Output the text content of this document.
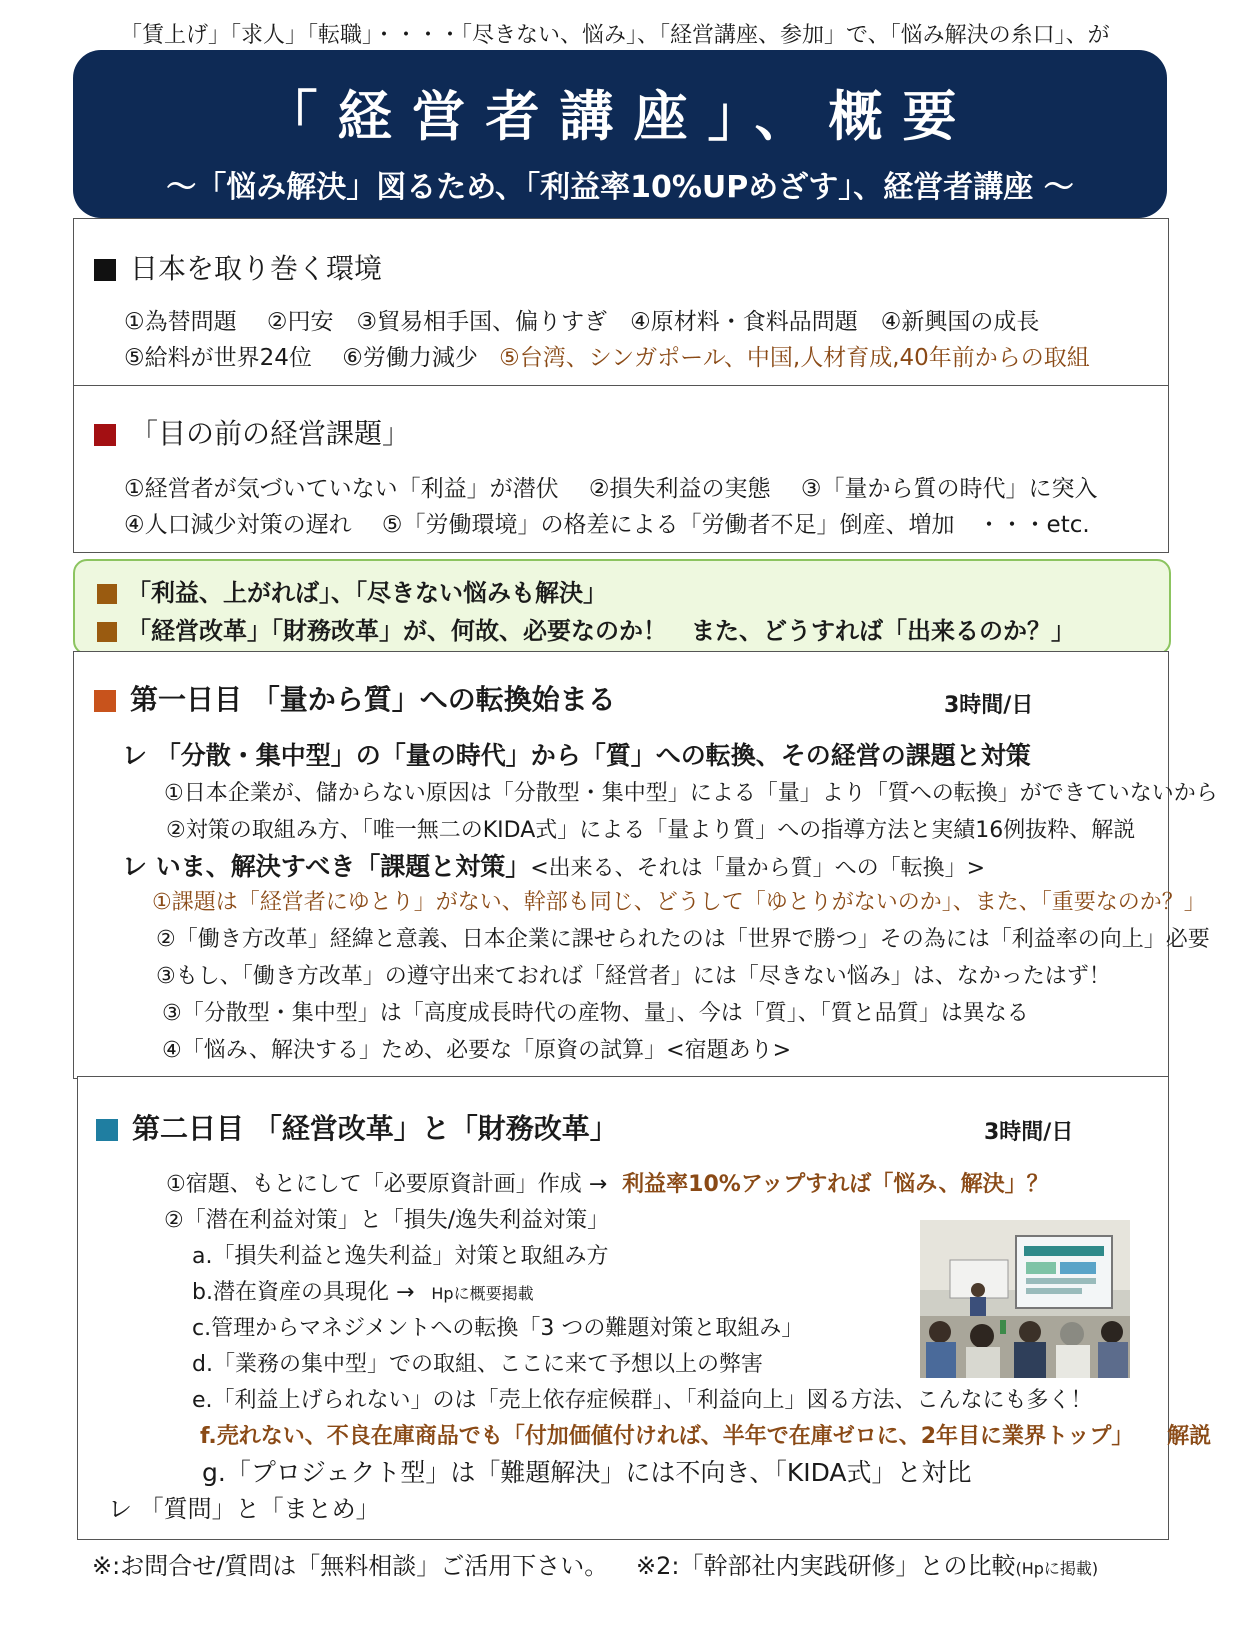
「賃上げ」「求人」「転職」・・・・「尽きない、悩み」、「経営講座、参加」で、「悩み解決の糸口」、が
「経営者講座」、概要
～「悩み解決」図るため、「利益率10%UPめざす」、経営者講座 ～
日本を取り巻く環境
①為替問題　 ②円安　③貿易相手国、偏りすぎ　④原材料・食料品問題　④新興国の成長
⑤給料が世界24位　 ⑥労働力減少 ⑤台湾、シンガポール、中国,人材育成,40年前からの取組
「目の前の経営課題」
①経営者が気づいていない「利益」が潜伏　 ②損失利益の実態　 ③「量から質の時代」に突入
④人口減少対策の遅れ　 ⑤「労働環境」の格差による「労働者不足」倒産、増加　・・・etc.
「利益、上がれば」、「尽きない悩みも解決」
「経営改革」「財務改革」が、何故、必要なのか！　また、どうすれば「出来るのか？」
第一日目 「量から質」への転換始まる	3時間/日
レ 「分散・集中型」の「量の時代」から「質」への転換、その経営の課題と対策
①日本企業が、儲からない原因は「分散型・集中型」による「量」より「質への転換」ができていないから
②対策の取組み方、「唯一無二のKIDA式」による「量より質」への指導方法と実績16例抜粋、解説
レ いま、解決すべき「課題と対策」<出来る、それは「量から質」への「転換」>
①課題は「経営者にゆとり」がない、幹部も同じ、どうして「ゆとりがないのか」、また、「重要なのか？」
②「働き方改革」経緯と意義、日本企業に課せられたのは「世界で勝つ」その為には「利益率の向上」必要
③もし、「働き方改革」の遵守出来ておれば「経営者」には「尽きない悩み」は、なかったはず！
③「分散型・集中型」は「高度成長時代の産物、量」、今は「質」、「質と品質」は異なる
④「悩み、解決する」ため、必要な「原資の試算」<宿題あり>
第二日目 「経営改革」と「財務改革」	3時間/日
①宿題、もとにして「必要原資計画」作成 → 利益率10%アップすれば「悩み、解決」？
②「潜在利益対策」と「損失/逸失利益対策」
a.「損失利益と逸失利益」対策と取組み方
b.潜在資産の具現化 → Hpに概要掲載
c.管理からマネジメントへの転換「3 つの難題対策と取組み」
d.「業務の集中型」での取組、ここに来て予想以上の弊害
e.「利益上げられない」のは「売上依存症候群」、「利益向上」図る方法、こんなにも多く！
f.売れない、不良在庫商品でも「付加価値付ければ、半年で在庫ゼロに、2年目に業界トップ」 解説
g.「プロジェクト型」は「難題解決」には不向き、「KIDA式」と対比
レ 「質問」と「まとめ」
※:お問合せ/質問は「無料相談」ご活用下さい。 ※2:「幹部社内実践研修」との比較(Hpに掲載)
